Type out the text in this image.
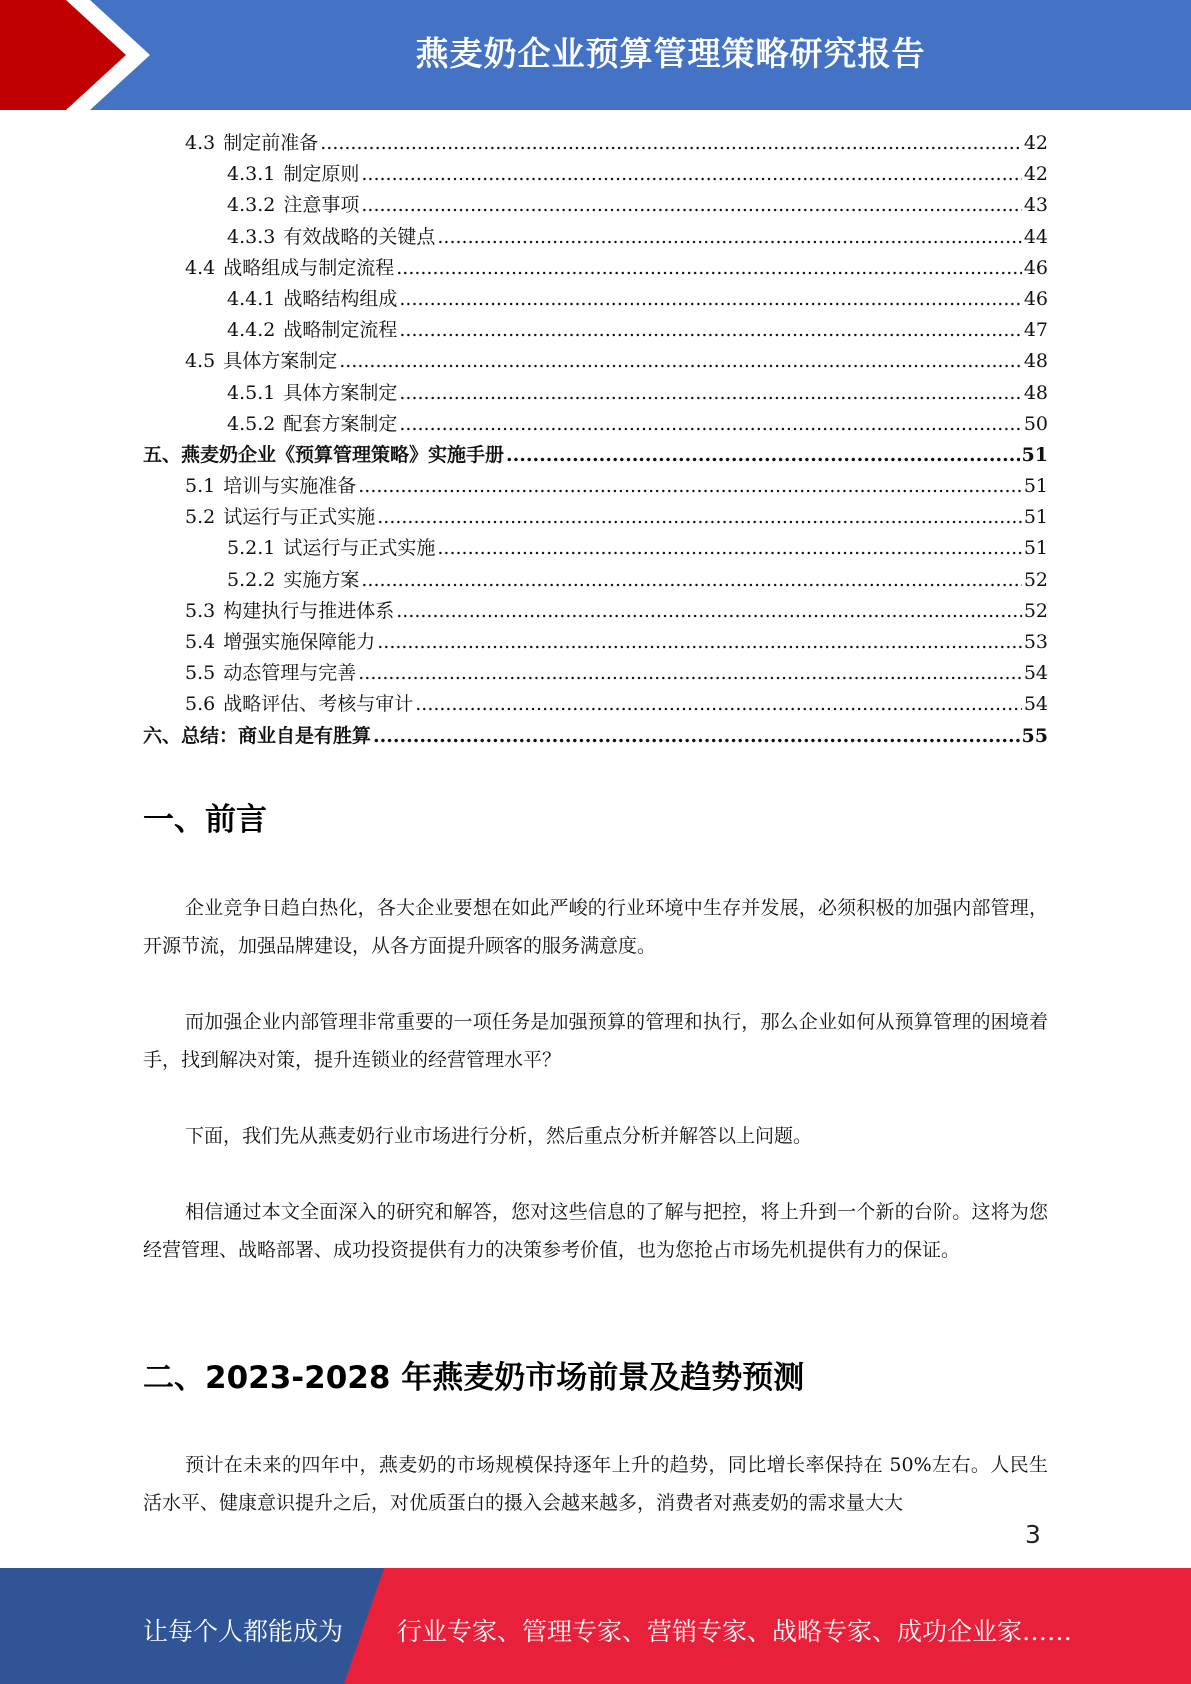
燕麦奶企业预算管理策略研究报告
4.3 制定前准备 .....	42
4.3.1 制定原则 .....	42
4.3.2 注意事项 .....	43
4.3.3 有效战略的关键点 .....	44
4.4 战略组成与制定流程 .....	46
4.4.1 战略结构组成 .....	46
4.4.2 战略制定流程 .....	47
4.5 具体方案制定 .....	48
4.5.1 具体方案制定 .....	48
4.5.2 配套方案制定 .....	50
五、燕麦奶企业《预算管理策略》实施手册 .....	51
5.1 培训与实施准备 .....	51
5.2 试运行与正式实施 .....	51
5.2.1 试运行与正式实施 .....	51
5.2.2 实施方案 .....	52
5.3 构建执行与推进体系 .....	52
5.4 增强实施保障能力 .....	53
5.5 动态管理与完善 .....	54
5.6 战略评估、考核与审计 .....	54
六、总结：商业自是有胜算 .....	55
一、前言
企业竞争日趋白热化，各大企业要想在如此严峻的行业环境中生存并发展，必须积极的加强内部管理，开源节流，加强品牌建设，从各方面提升顾客的服务满意度。
而加强企业内部管理非常重要的一项任务是加强预算的管理和执行，那么企业如何从预算管理的困境着手，找到解决对策，提升连锁业的经营管理水平？
下面，我们先从燕麦奶行业市场进行分析，然后重点分析并解答以上问题。
相信通过本文全面深入的研究和解答，您对这些信息的了解与把控，将上升到一个新的台阶。这将为您经营管理、战略部署、成功投资提供有力的决策参考价值，也为您抢占市场先机提供有力的保证。
二、2023-2028 年燕麦奶市场前景及趋势预测
预计在未来的四年中，燕麦奶的市场规模保持逐年上升的趋势，同比增长率保持在 50%左右。人民生活水平、健康意识提升之后，对优质蛋白的摄入会越来越多，消费者对燕麦奶的需求量大大
3
让每个人都能成为 行业专家、管理专家、营销专家、战略专家、成功企业家……
